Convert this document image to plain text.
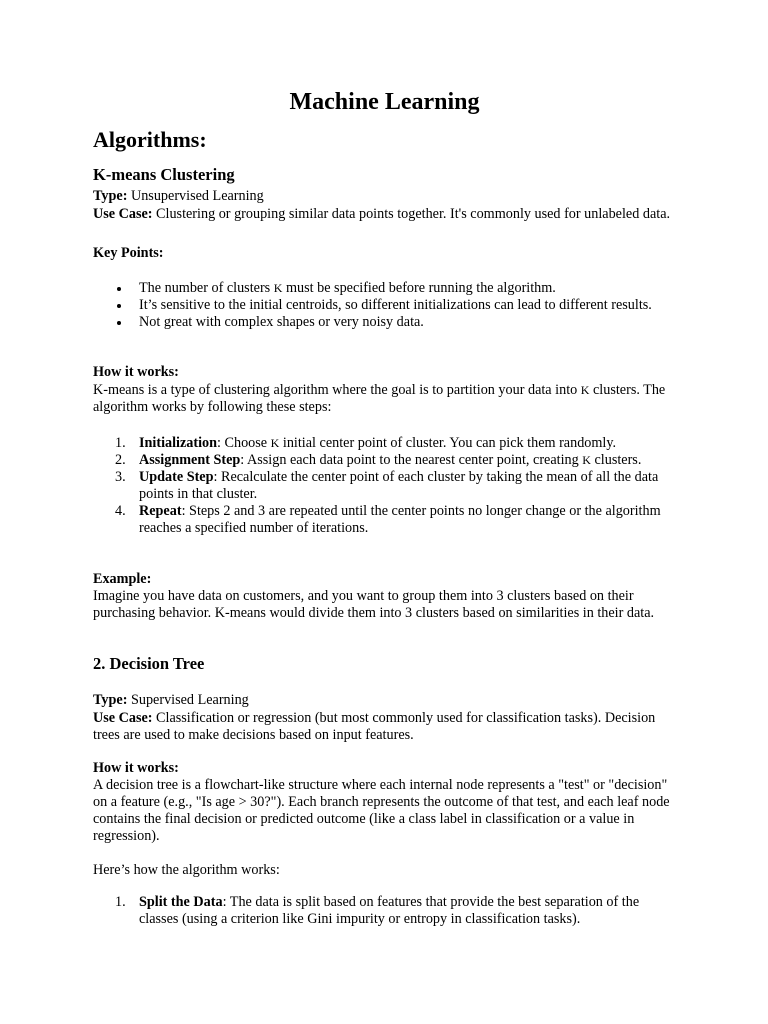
Machine Learning
Algorithms:
K-means Clustering

Type: Unsupervised Learning

Use Case: Clustering or grouping similar data points together. It's commonly used for unlabeled data.

Key Points:

The number of clusters K must be specified before running the algorithm.
It’s sensitive to the initial centroids, so different initializations can lead to different results.
Not great with complex shapes or very noisy data.

How it works:

K-means is a type of clustering algorithm where the goal is to partition your data into K clusters. The algorithm works by following these steps:

1. Initialization: Choose K initial center point of cluster. You can pick them randomly.
2. Assignment Step: Assign each data point to the nearest center point, creating K clusters.
3. Update Step: Recalculate the center point of each cluster by taking the mean of all the data points in that cluster.
4. Repeat: Steps 2 and 3 are repeated until the center points no longer change or the algorithm reaches a specified number of iterations.

Example:

Imagine you have data on customers, and you want to group them into 3 clusters based on their purchasing behavior. K-means would divide them into 3 clusters based on similarities in their data.

2. Decision Tree

Type: Supervised Learning

Use Case: Classification or regression (but most commonly used for classification tasks). Decision trees are used to make decisions based on input features.

How it works:

A decision tree is a flowchart-like structure where each internal node represents a "test" or "decision" on a feature (e.g., "Is age > 30?"). Each branch represents the outcome of that test, and each leaf node contains the final decision or predicted outcome (like a class label in classification or a value in regression).

Here’s how the algorithm works:

1. Split the Data: The data is split based on features that provide the best separation of the classes (using a criterion like Gini impurity or entropy in classification tasks).
